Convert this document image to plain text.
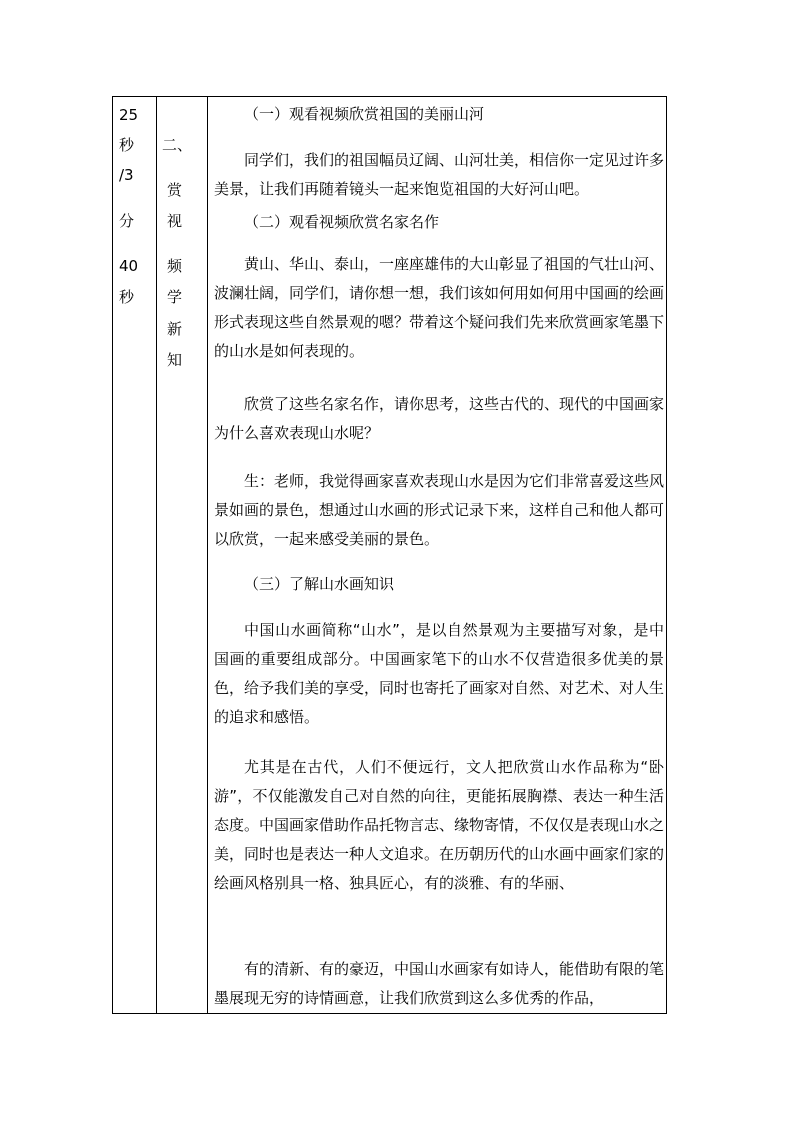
25
秒
/3
分
40
秒
二、
赏
视
频
学
新
知
（一）观看视频欣赏祖国的美丽山河

同学们，我们的祖国幅员辽阔、山河壮美，相信你一定见过许多美景，让我们再随着镜头一起来饱览祖国的大好河山吧。

（二）观看视频欣赏名家名作

黄山、华山、泰山，一座座雄伟的大山彰显了祖国的气壮山河、波澜壮阔，同学们，请你想一想，我们该如何用如何用中国画的绘画形式表现这些自然景观的嗯？带着这个疑问我们先来欣赏画家笔墨下的山水是如何表现的。

欣赏了这些名家名作，请你思考，这些古代的、现代的中国画家为什么喜欢表现山水呢？

生：老师，我觉得画家喜欢表现山水是因为它们非常喜爱这些风景如画的景色，想通过山水画的形式记录下来，这样自己和他人都可以欣赏，一起来感受美丽的景色。

（三）了解山水画知识

中国山水画简称“山水”，是以自然景观为主要描写对象，是中国画的重要组成部分。中国画家笔下的山水不仅营造很多优美的景色，给予我们美的享受，同时也寄托了画家对自然、对艺术、对人生的追求和感悟。

尤其是在古代，人们不便远行，文人把欣赏山水作品称为“卧游”，不仅能激发自己对自然的向往，更能拓展胸襟、表达一种生活态度。中国画家借助作品托物言志、缘物寄情，不仅仅是表现山水之美，同时也是表达一种人文追求。在历朝历代的山水画中画家们家的绘画风格别具一格、独具匠心，有的淡雅、有的华丽、

有的清新、有的豪迈，中国山水画家有如诗人，能借助有限的笔墨展现无穷的诗情画意，让我们欣赏到这么多优秀的作品，
